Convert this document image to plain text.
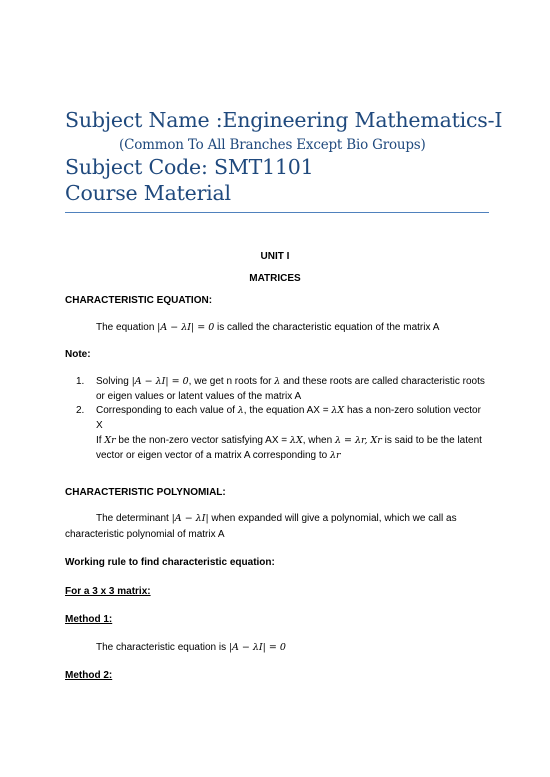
Subject Name :Engineering Mathematics-I

(Common To All Branches Except Bio Groups)

Subject Code: SMT1101

Course Material

UNIT I
MATRICES
CHARACTERISTIC EQUATION:
The equation |A − λI| = 0 is called the characteristic equation of the matrix A
Note:
1. Solving |A − λI| = 0, we get n roots for λ and these roots are called characteristic roots
or eigen values or latent values of the matrix A
2. Corresponding to each value of λ, the equation AX = λX has a non-zero solution vector
X
If Xr be the non-zero vector satisfying AX = λX, when λ = λr, Xr is said to be the latent
vector or eigen vector of a matrix A corresponding to λr
CHARACTERISTIC POLYNOMIAL:
The determinant |A − λI| when expanded will give a polynomial, which we call as
characteristic polynomial of matrix A
Working rule to find characteristic equation:
For a 3 x 3 matrix:
Method 1:
The characteristic equation is |A − λI| = 0
Method 2:
